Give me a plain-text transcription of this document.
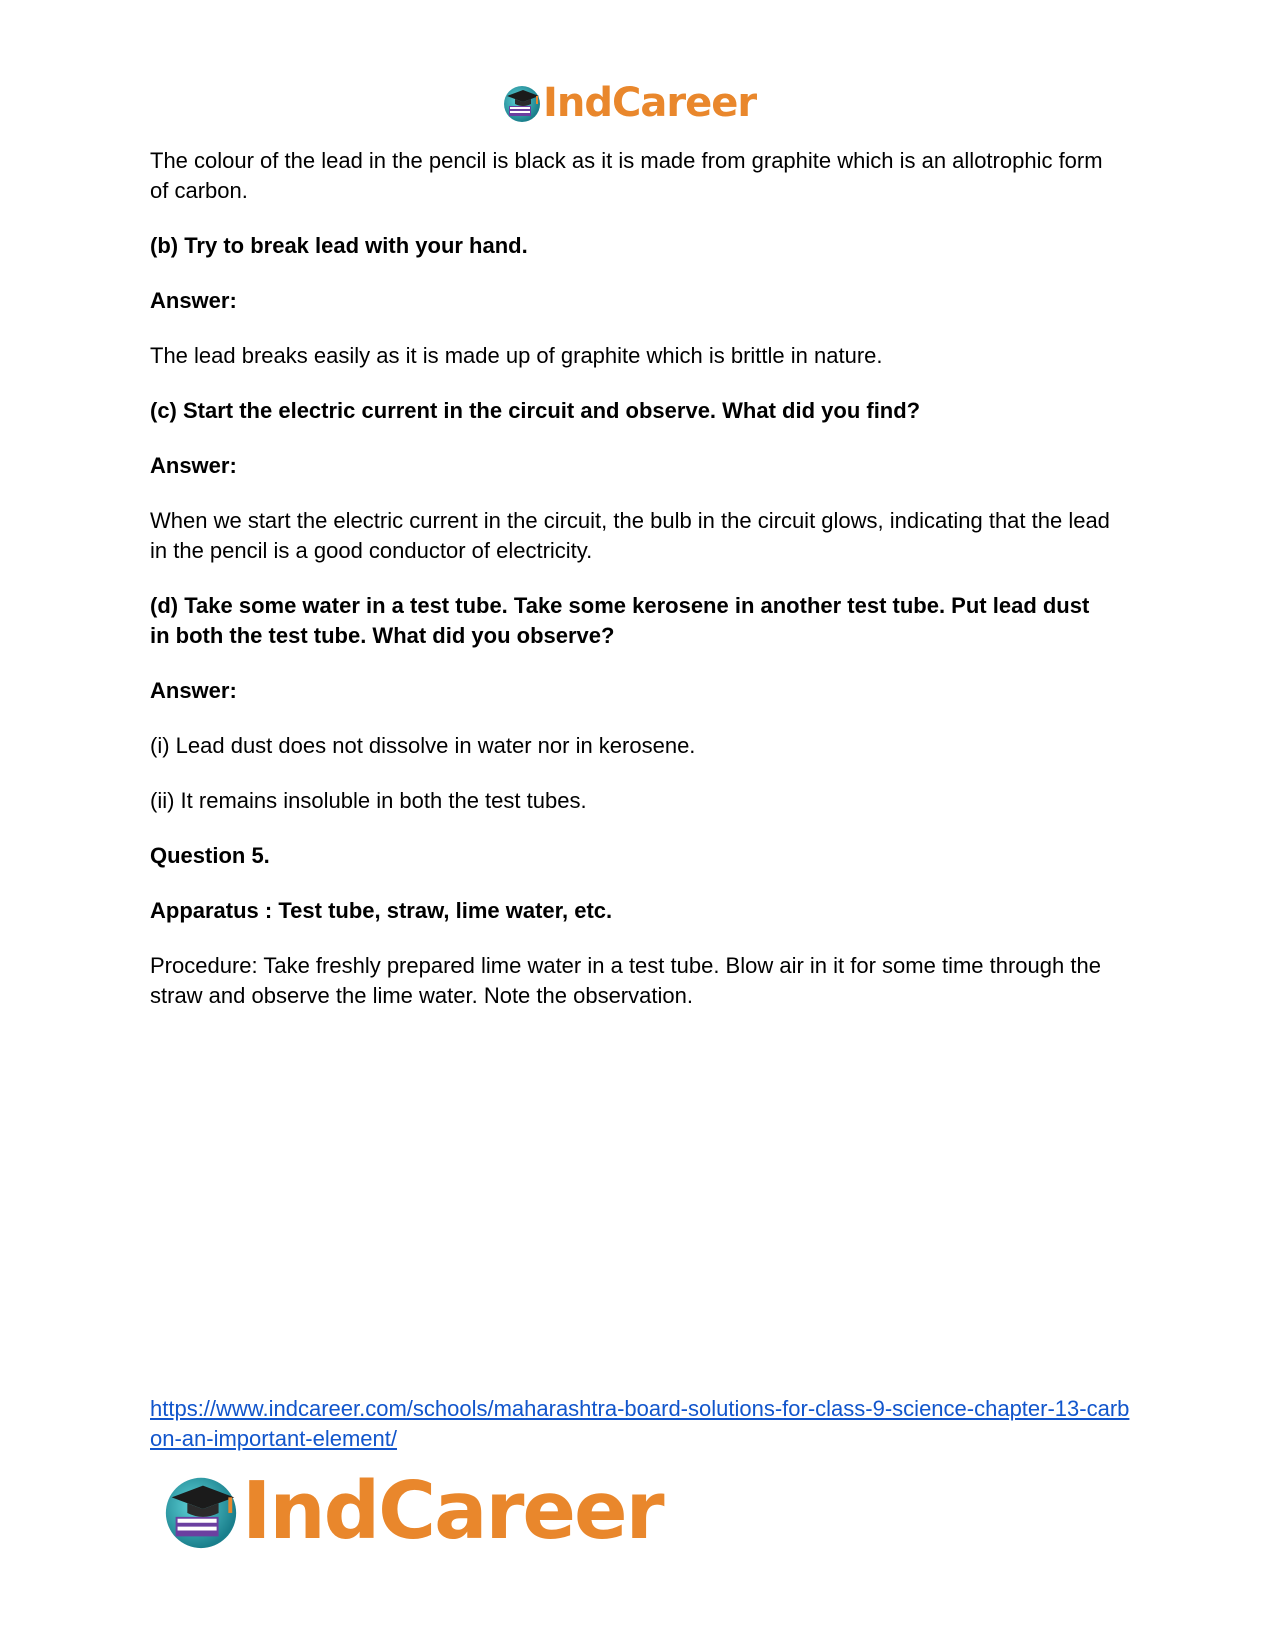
IndCareer

The colour of the lead in the pencil is black as it is made from graphite which is an allotrophic form of carbon.

(b) Try to break lead with your hand.

Answer:

The lead breaks easily as it is made up of graphite which is brittle in nature.

(c) Start the electric current in the circuit and observe. What did you find?

Answer:

When we start the electric current in the circuit, the bulb in the circuit glows, indicating that the lead in the pencil is a good conductor of electricity.

(d) Take some water in a test tube. Take some kerosene in another test tube. Put lead dust in both the test tube. What did you observe?

Answer:

(i) Lead dust does not dissolve in water nor in kerosene.

(ii) It remains insoluble in both the test tubes.

Question 5.

Apparatus : Test tube, straw, lime water, etc.

Procedure: Take freshly prepared lime water in a test tube. Blow air in it for some time through the straw and observe the lime water. Note the observation.

https://www.indcareer.com/schools/maharashtra-board-solutions-for-class-9-science-chapter-13-carbon-an-important-element/
IndCareer
